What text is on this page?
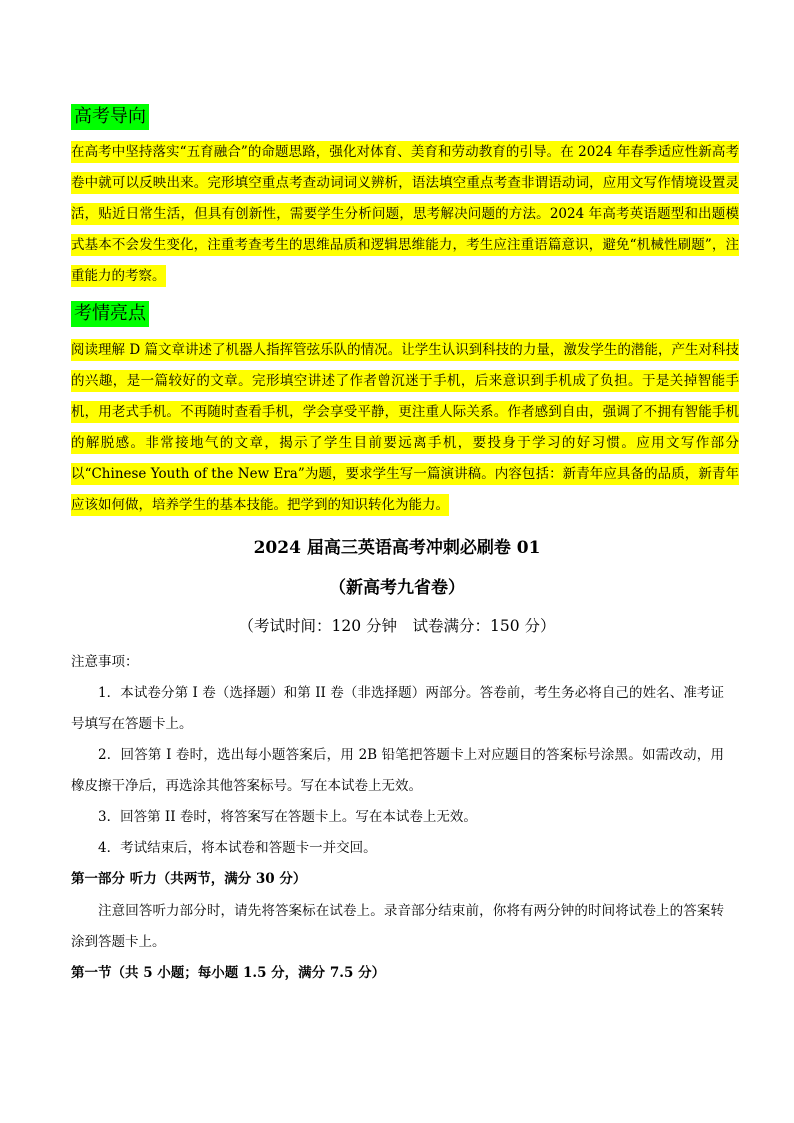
高考导向

在高考中坚持落实“五育融合”的命题思路，强化对体育、美育和劳动教育的引导。在 2024 年春季适应性新高考卷中就可以反映出来。完形填空重点考查动词词义辨析，语法填空重点考查非谓语动词，应用文写作情境设置灵活，贴近日常生活，但具有创新性，需要学生分析问题，思考解决问题的方法。2024 年高考英语题型和出题模式基本不会发生变化，注重考查考生的思维品质和逻辑思维能力，考生应注重语篇意识，避免“机械性刷题”，注重能力的考察。

考情亮点

阅读理解 D 篇文章讲述了机器人指挥管弦乐队的情况。让学生认识到科技的力量，激发学生的潜能，产生对科技的兴趣，是一篇较好的文章。完形填空讲述了作者曾沉迷于手机，后来意识到手机成了负担。于是关掉智能手机，用老式手机。不再随时查看手机，学会享受平静，更注重人际关系。作者感到自由，强调了不拥有智能手机的解脱感。非常接地气的文章，揭示了学生目前要远离手机，要投身于学习的好习惯。应用文写作部分以“Chinese Youth of the New Era”为题，要求学生写一篇演讲稿。内容包括：新青年应具备的品质，新青年应该如何做，培养学生的基本技能。把学到的知识转化为能力。

2024 届高三英语高考冲刺必刷卷 01
（新高考九省卷）
（考试时间：120 分钟　试卷满分：150 分）
注意事项：

1．本试卷分第 I 卷（选择题）和第 II 卷（非选择题）两部分。答卷前，考生务必将自己的姓名、准考证号填写在答题卡上。

2．回答第 I 卷时，选出每小题答案后，用 2B 铅笔把答题卡上对应题目的答案标号涂黑。如需改动，用橡皮擦干净后，再选涂其他答案标号。写在本试卷上无效。

3．回答第 II 卷时，将答案写在答题卡上。写在本试卷上无效。

4．考试结束后，将本试卷和答题卡一并交回。

第一部分 听力（共两节，满分 30 分）

注意回答听力部分时，请先将答案标在试卷上。录音部分结束前，你将有两分钟的时间将试卷上的答案转涂到答题卡上。

第一节（共 5 小题；每小题 1.5 分，满分 7.5 分）
